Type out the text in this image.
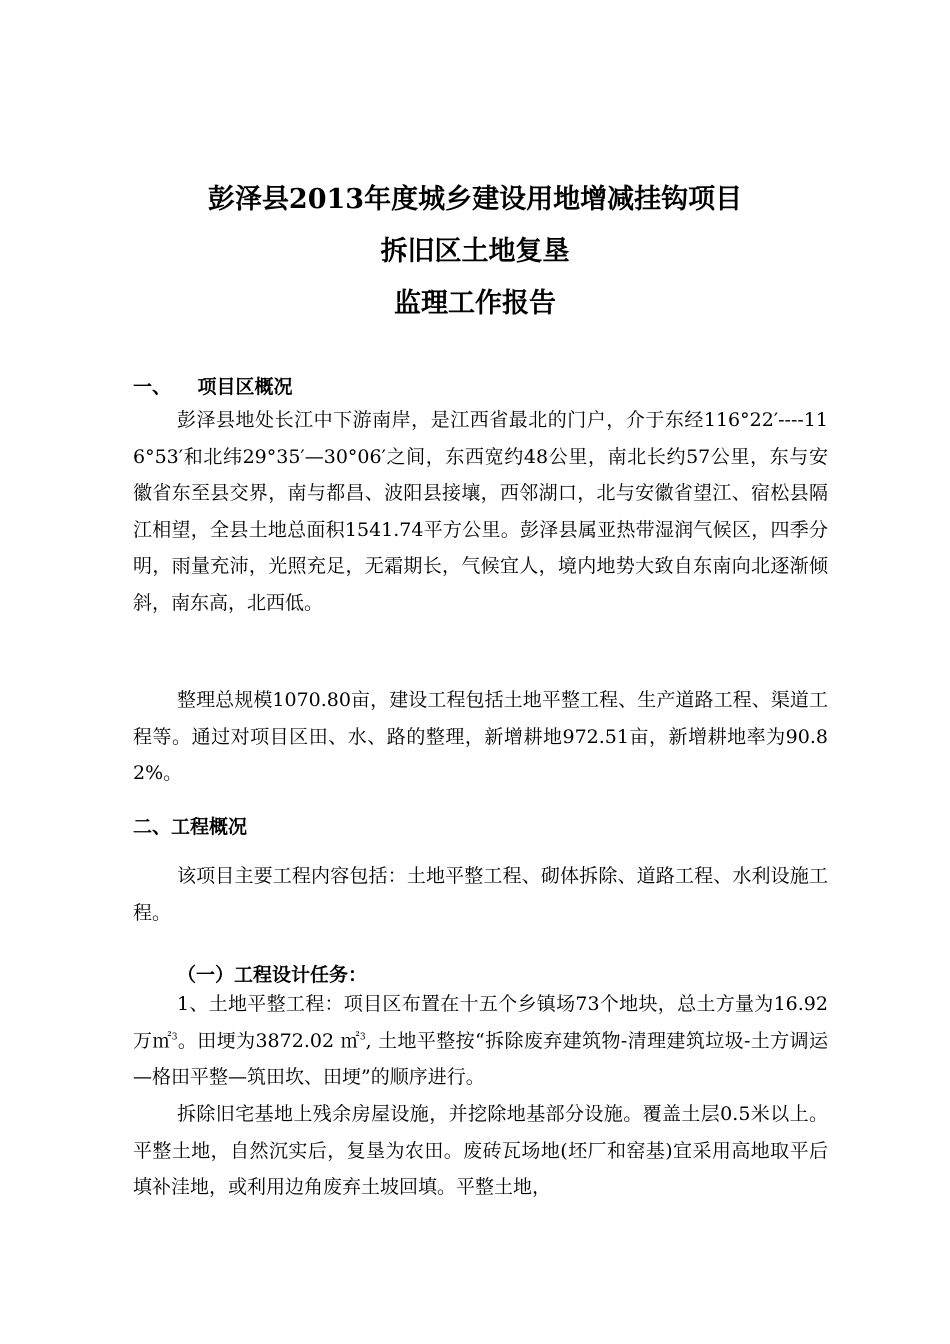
彭泽县2013年度城乡建设用地增减挂钩项目
拆旧区土地复垦
监理工作报告
一、    项目区概况
彭泽县地处长江中下游南岸，是江西省最北的门户，介于东经116°22′----116°53′和北纬29°35′—30°06′之间，东西宽约48公里，南北长约57公里，东与安徽省东至县交界，南与都昌、波阳县接壤，西邻湖口，北与安徽省望江、宿松县隔江相望，全县土地总面积1541.74平方公里。彭泽县属亚热带湿润气候区，四季分明，雨量充沛，光照充足，无霜期长，气候宜人，境内地势大致自东南向北逐渐倾斜，南东高，北西低。
整理总规模1070.80亩，建设工程包括土地平整工程、生产道路工程、渠道工程等。通过对项目区田、水、路的整理，新增耕地972.51亩，新增耕地率为90.82%。
二、工程概况
该项目主要工程内容包括：土地平整工程、砌体拆除、道路工程、水利设施工程。
（一）工程设计任务：
1、土地平整工程：项目区布置在十五个乡镇场73个地块，总土方量为16.92万㎡$^3$。田埂为3872.02 ㎡$^3$, 土地平整按“拆除废弃建筑物-清理建筑垃圾-土方调运—格田平整—筑田坎、田埂”的顺序进行。
拆除旧宅基地上残余房屋设施，并挖除地基部分设施。覆盖土层0.5米以上。平整土地，自然沉实后，复垦为农田。废砖瓦场地(坯厂和窑基)宜采用高地取平后填补洼地，或利用边角废弃土坡回填。平整土地，
